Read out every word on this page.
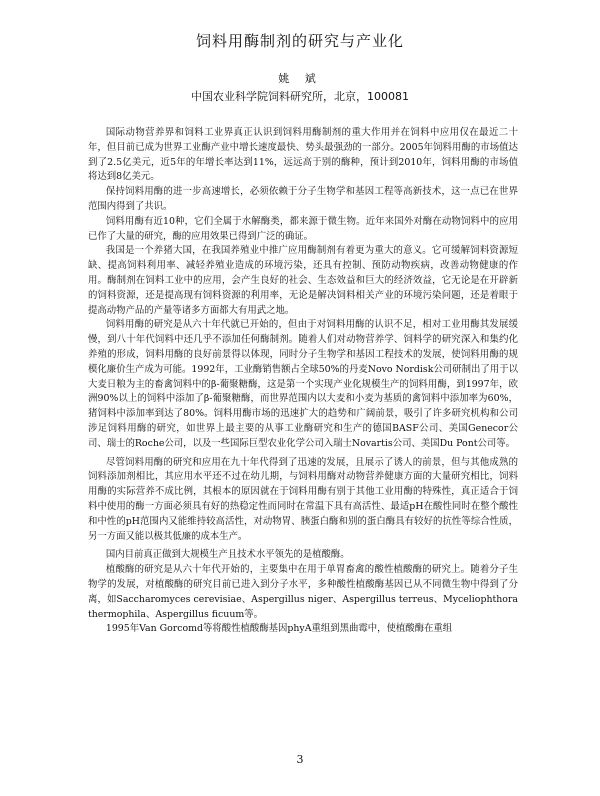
饲料用酶制剂的研究与产业化
姚 斌
中国农业科学院饲料研究所，北京，100081

国际动物营养界和饲料工业界真正认识到饲料用酶制剂的重大作用并在饲料中应用仅在最近二十年，但目前已成为世界工业酶产业中增长速度最快、势头最强劲的一部分。2005年饲料用酶的市场值达到了2.5亿美元，近5年的年增长率达到11%，远远高于别的酶种，预计到2010年，饲料用酶的市场值将达到8亿美元。

保持饲料用酶的进一步高速增长，必须依赖于分子生物学和基因工程等高新技术，这一点已在世界范围内得到了共识。

饲料用酶有近10种，它们全属于水解酶类，都来源于微生物。近年来国外对酶在动物饲料中的应用已作了大量的研究，酶的应用效果已得到广泛的确证。

我国是一个养猪大国，在我国养殖业中推广应用酶制剂有着更为重大的意义。它可缓解饲料资源短缺、提高饲料利用率、减轻养殖业造成的环境污染，还具有控制、预防动物疾病，改善动物健康的作用。酶制剂在饲料工业中的应用，会产生良好的社会、生态效益和巨大的经济效益，它无论是在开辟新的饲料资源，还是提高现有饲料资源的利用率，无论是解决饲料相关产业的环境污染问题，还是着眼于提高动物产品的产量等诸多方面都大有用武之地。

饲料用酶的研究是从六十年代就已开始的，但由于对饲料用酶的认识不足，相对工业用酶其发展缓慢，到八十年代饲料中还几乎不添加任何酶制剂。随着人们对动物营养学、饲料学的研究深入和集约化养殖的形成，饲料用酶的良好前景得以体现，同时分子生物学和基因工程技术的发展，使饲料用酶的规模化廉价生产成为可能。1992年，工业酶销售额占全球50%的丹麦Novo Nordisk公司研制出了用于以大麦日粮为主的畜禽饲料中的β-葡聚糖酶，这是第一个实现产业化规模生产的饲料用酶，到1997年，欧洲90%以上的饲料中添加了β-葡聚糖酶，而世界范围内以大麦和小麦为基质的禽饲料中添加率为60%，猪饲料中添加率到达了80%。饲料用酶市场的迅速扩大的趋势和广阔前景，吸引了许多研究机构和公司涉足饲料用酶的研究，如世界上最主要的从事工业酶研究和生产的德国BASF公司、美国Genecor公司、瑞士的Roche公司，以及一些国际巨型农业化学公司入瑞士Novartis公司、美国Du Pont公司等。

尽管饲料用酶的研究和应用在九十年代得到了迅速的发展，且展示了诱人的前景，但与其他成熟的饲料添加剂相比，其应用水平还不过在幼儿期，与饲料用酶对动物营养健康方面的大量研究相比，饲料用酶的实际营养不成比例，其根本的原因就在于饲料用酶有别于其他工业用酶的特殊性，真正适合于饲料中使用的酶一方面必须具有好的热稳定性而同时在常温下具有高活性、最适pH在酸性同时在整个酸性和中性的pH范围内又能维持较高活性，对动物胃、胰蛋白酶和别的蛋白酶具有较好的抗性等综合性质，另一方面又能以极其低廉的成本生产。

国内目前真正做到大规模生产且技术水平领先的是植酸酶。

植酸酶的研究是从六十年代开始的，主要集中在用于单胃畜禽的酸性植酸酶的研究上。随着分子生物学的发展，对植酸酶的研究目前已进入到分子水平，多种酸性植酸酶基因已从不同微生物中得到了分离，如Saccharomyces cerevisiae、Aspergillus niger、Aspergillus terreus、Myceliophthora thermophila、Aspergillus ficuum等。

1995年Van Gorcomd等将酸性植酸酶基因phyA重组到黑曲霉中，使植酸酶在重组

3
